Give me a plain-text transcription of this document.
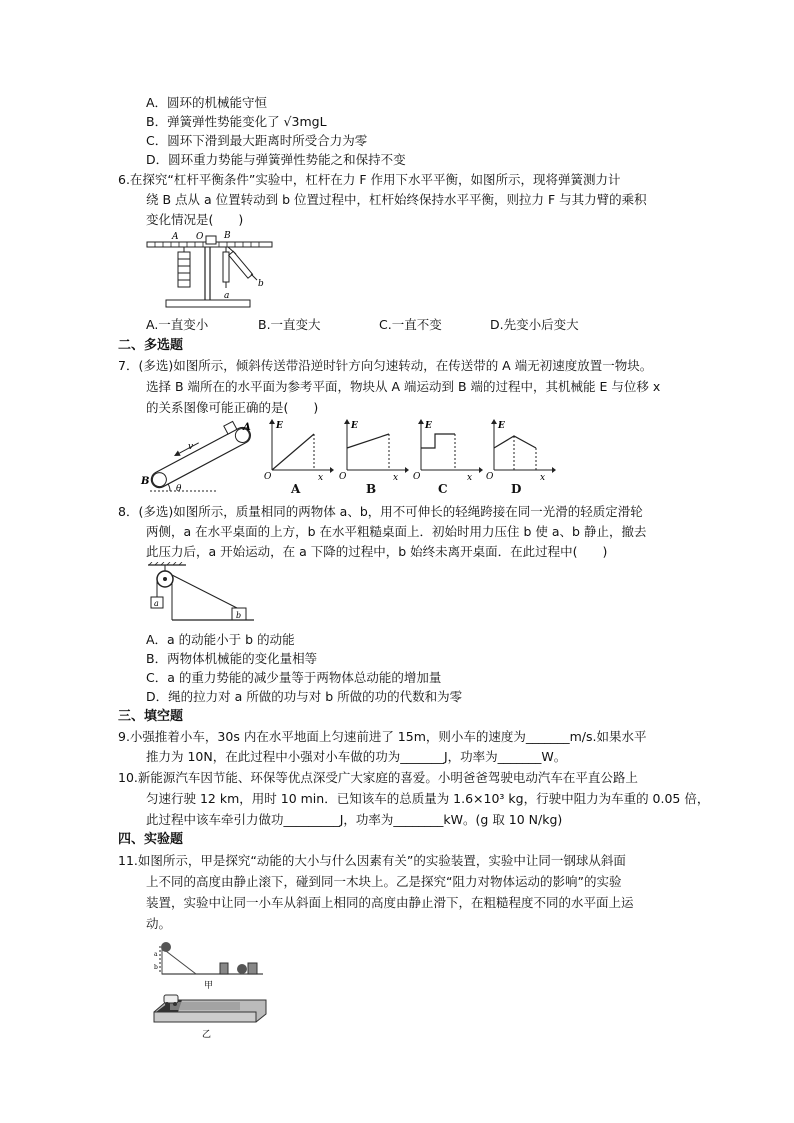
A．圆环的机械能守恒
B．弹簧弹性势能变化了 √3mgL
C．圆环下滑到最大距离时所受合力为零
D．圆环重力势能与弹簧弹性势能之和保持不变
6.在探究“杠杆平衡条件”实验中，杠杆在力 F 作用下水平平衡，如图所示，现将弹簧测力计
绕 B 点从 a 位置转动到 b 位置过程中，杠杆始终保持水平平衡，则拉力 F 与其力臂的乘积
变化情况是(　　)
A O B
a
b
A.一直变小	B.一直变大	C.一直不变	D.先变小后变大
二、多选题
7．(多选)如图所示，倾斜传送带沿逆时针方向匀速转动，在传送带的 A 端无初速度放置一物块。
选择 B 端所在的水平面为参考平面，物块从 A 端运动到 B 端的过程中，其机械能 E 与位移 x
的关系图像可能正确的是(　　)
B
A
v
θ
E
x
O
E
x
O
E
x
O
E
x
O
A	B	C	D
8．(多选)如图所示，质量相同的两物体 a、b，用不可伸长的轻绳跨接在同一光滑的轻质定滑轮
两侧，a 在水平桌面的上方，b 在水平粗糙桌面上．初始时用力压住 b 使 a、b 静止，撤去
此压力后，a 开始运动，在 a 下降的过程中，b 始终未离开桌面．在此过程中(　　)
a
b
A．a 的动能小于 b 的动能
B．两物体机械能的变化量相等
C．a 的重力势能的减少量等于两物体总动能的增加量
D．绳的拉力对 a 所做的功与对 b 所做的功的代数和为零
三、填空题
9.小强推着小车，30s 内在水平地面上匀速前进了 15m，则小车的速度为_______m/s.如果水平
推力为 10N，在此过程中小强对小车做的功为_______J，功率为_______W。
10.新能源汽车因节能、环保等优点深受广大家庭的喜爱。小明爸爸驾驶电动汽车在平直公路上
匀速行驶 12 km，用时 10 min．已知该车的总质量为 1.6×10³ kg，行驶中阻力为车重的 0.05 倍，
此过程中该车牵引力做功_________J，功率为________kW。(g 取 10 N/kg)
四、实验题
11.如图所示，甲是探究“动能的大小与什么因素有关”的实验装置，实验中让同一钢球从斜面
上不同的高度由静止滚下，碰到同一木块上。乙是探究“阻力对物体运动的影响”的实验
装置，实验中让同一小车从斜面上相同的高度由静止滑下，在粗糙程度不同的水平面上运
动。
a
b
甲
乙
